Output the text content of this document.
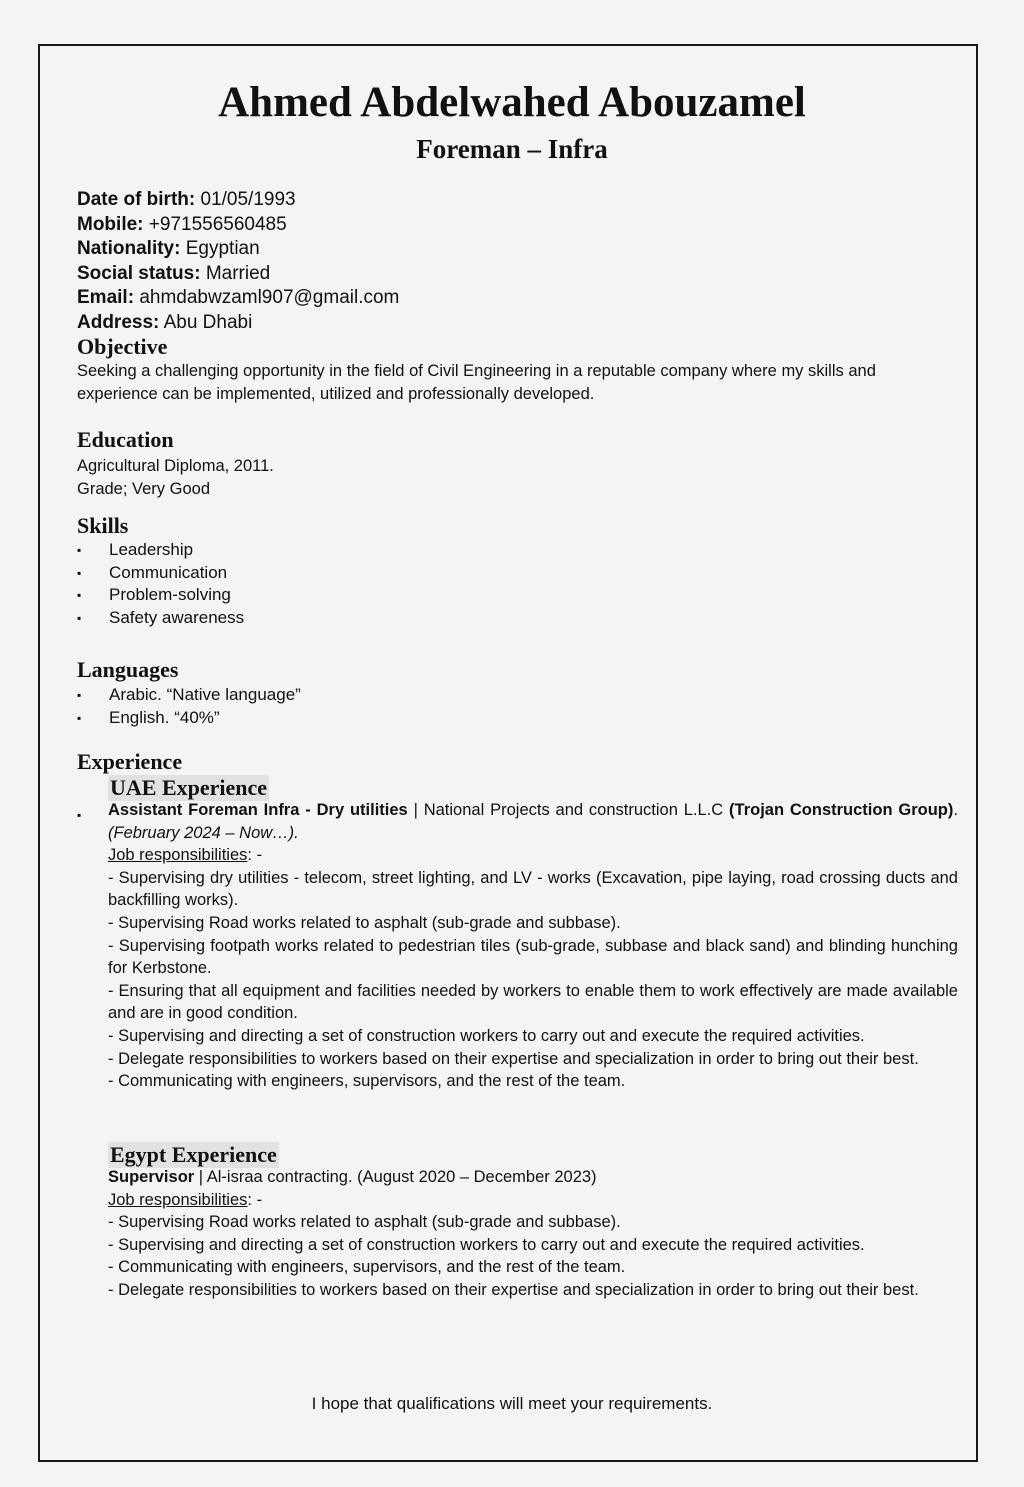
Ahmed Abdelwahed Abouzamel
Foreman – Infra
Date of birth: 01/05/1993
Mobile: +971556560485
Nationality: Egyptian
Social status: Married
Email: ahmdabwzaml907@gmail.com
Address: Abu Dhabi
Objective
Seeking a challenging opportunity in the field of Civil Engineering in a reputable company where my skills and experience can be implemented, utilized and professionally developed.
Education
Agricultural Diploma, 2011.
Grade; Very Good
Skills
▪ Leadership
▪ Communication
▪ Problem-solving
▪ Safety awareness
Languages
▪ Arabic. “Native language”
▪ English. “40%”
Experience
UAE Experience
▪ Assistant Foreman Infra - Dry utilities | National Projects and construction L.L.C (Trojan Construction Group). (February 2024 – Now…).

Job responsibilities: -

- Supervising dry utilities - telecom, street lighting, and LV - works (Excavation, pipe laying, road crossing ducts and backfilling works).

- Supervising Road works related to asphalt (sub-grade and subbase).

- Supervising footpath works related to pedestrian tiles (sub-grade, subbase and black sand) and blinding hunching for Kerbstone.

- Ensuring that all equipment and facilities needed by workers to enable them to work effectively are made available and are in good condition.

- Supervising and directing a set of construction workers to carry out and execute the required activities.

- Delegate responsibilities to workers based on their expertise and specialization in order to bring out their best.

- Communicating with engineers, supervisors, and the rest of the team.

Egypt Experience

Supervisor | Al-israa contracting. (August 2020 – December 2023)

Job responsibilities: -

- Supervising Road works related to asphalt (sub-grade and subbase).

- Supervising and directing a set of construction workers to carry out and execute the required activities.

- Communicating with engineers, supervisors, and the rest of the team.

- Delegate responsibilities to workers based on their expertise and specialization in order to bring out their best.

I hope that qualifications will meet your requirements.
